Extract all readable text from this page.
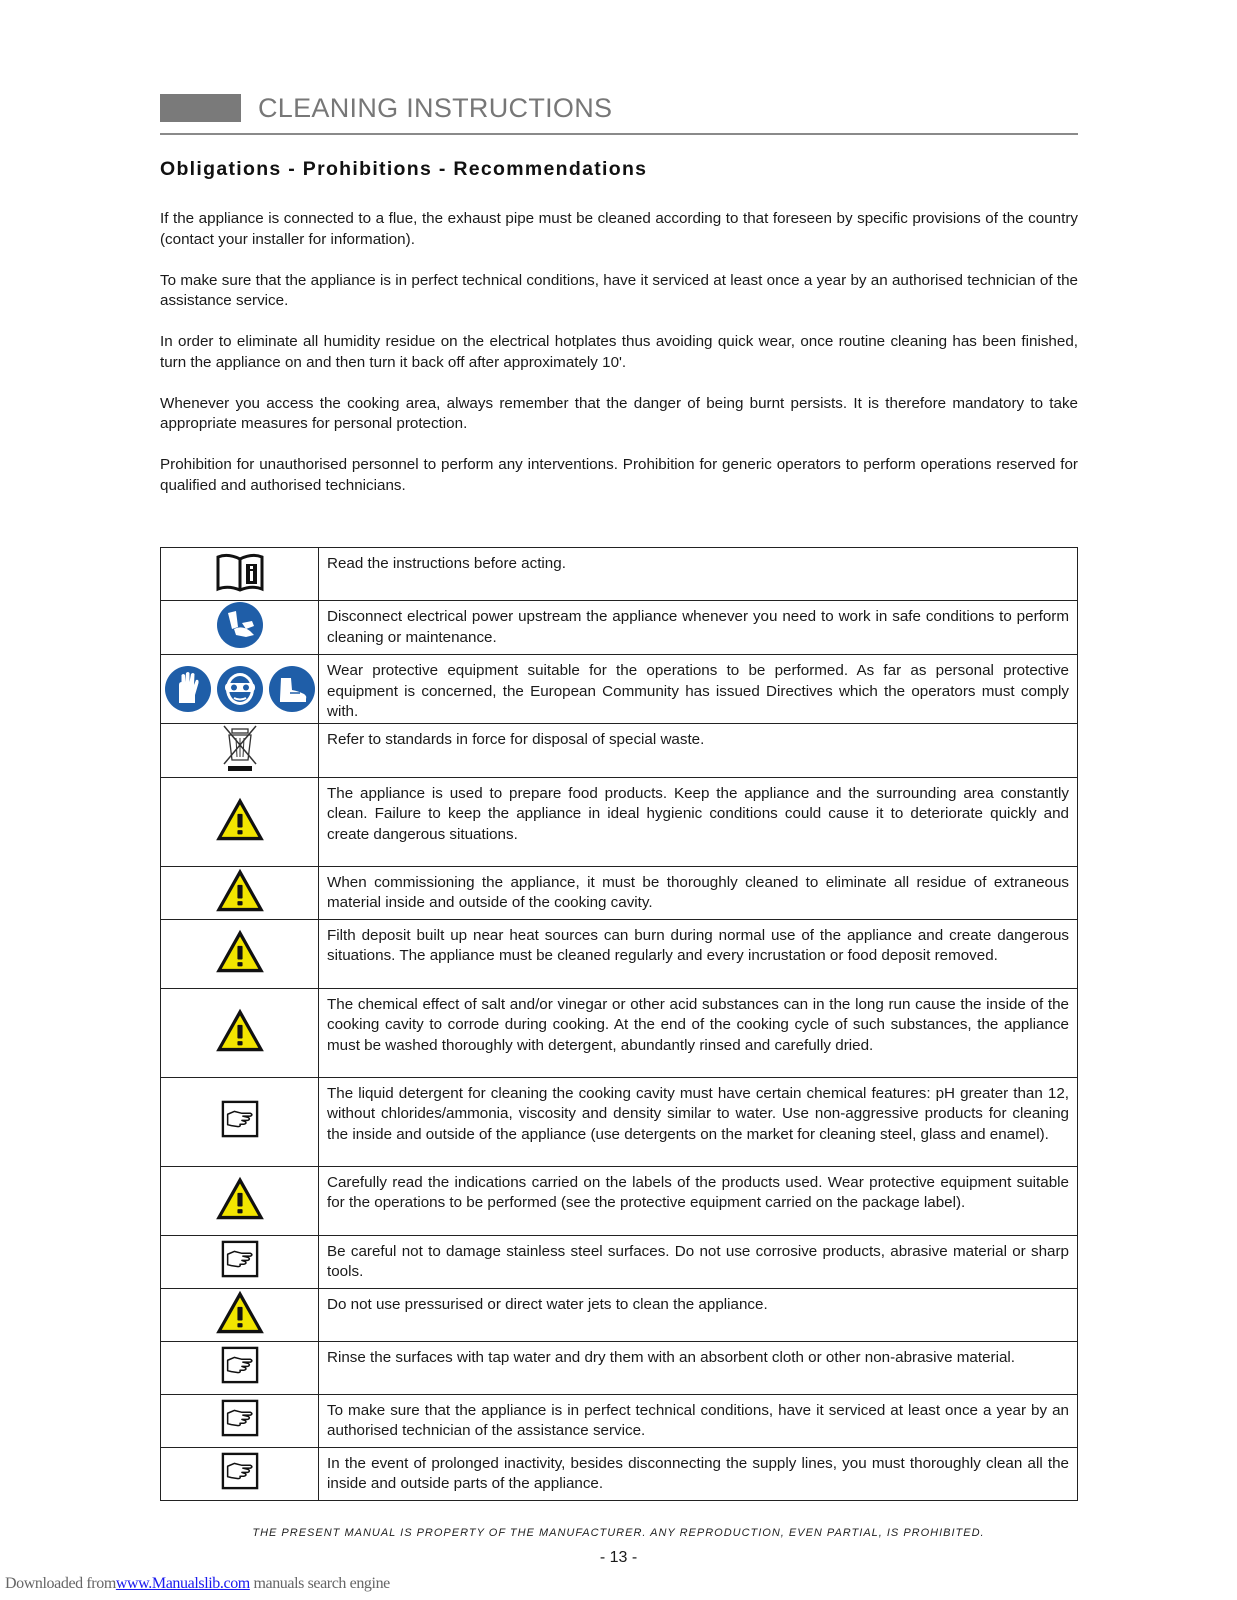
CLEANING INSTRUCTIONS
Obligations - Prohibitions - Recommendations

If the appliance is connected to a flue, the exhaust pipe must be cleaned according to that foreseen by specific provisions of the country (contact your installer for information).

To make sure that the appliance is in perfect technical conditions, have it serviced at least once a year by an authorised technician of the assistance service.

In order to eliminate all humidity residue on the electrical hotplates thus avoiding quick wear, once routine cleaning has been finished, turn the appliance on and then turn it back off after approximately 10'.

Whenever you access the cooking area, always remember that the danger of being burnt persists. It is therefore mandatory to take appropriate measures for personal protection.

Prohibition for unauthorised personnel to perform any interventions. Prohibition for generic operators to perform operations reserved for qualified and authorised technicians.

	Read the instructions before acting.
	Disconnect electrical power upstream the appliance whenever you need to work in safe conditions to perform cleaning or maintenance.

	Wear protective equipment suitable for the operations to be performed. As far as personal protective equipment is concerned, the European Community has issued Directives which the operators must comply with.
	Refer to standards in force for disposal of special waste.
	The appliance is used to prepare food products. Keep the appliance and the surrounding area constantly clean. Failure to keep the appliance in ideal hygienic conditions could cause it to deteriorate quickly and create dangerous situations.
	When commissioning the appliance, it must be thoroughly cleaned to eliminate all residue of extraneous material inside and outside of the cooking cavity.
	Filth deposit built up near heat sources can burn during normal use of the appliance and create dangerous situations. The appliance must be cleaned regularly and every incrustation or food deposit removed.
	The chemical effect of salt and/or vinegar or other acid substances can in the long run cause the inside of the cooking cavity to corrode during cooking. At the end of the cooking cycle of such substances, the appliance must be washed thoroughly with detergent, abundantly rinsed and carefully dried.
	The liquid detergent for cleaning the cooking cavity must have certain chemical features: pH greater than 12, without chlorides/ammonia, viscosity and density similar to water. Use non-aggressive products for cleaning the inside and outside of the appliance (use detergents on the market for cleaning steel, glass and enamel).
	Carefully read the indications carried on the labels of the products used. Wear protective equipment suitable for the operations to be performed (see the protective equipment carried on the package label).
	Be careful not to damage stainless steel surfaces. Do not use corrosive products, abrasive material or sharp tools.
	Do not use pressurised or direct water jets to clean the appliance.
	Rinse the surfaces with tap water and dry them with an absorbent cloth or other non-abrasive material.
	To make sure that the appliance is in perfect technical conditions, have it serviced at least once a year by an authorised technician of the assistance service.
	In the event of prolonged inactivity, besides disconnecting the supply lines, you must thoroughly clean all the inside and outside parts of the appliance.
THE PRESENT MANUAL IS PROPERTY OF THE MANUFACTURER. ANY REPRODUCTION, EVEN PARTIAL, IS PROHIBITED.
- 13 -
Downloaded fromwww.Manualslib.com manuals search engine
